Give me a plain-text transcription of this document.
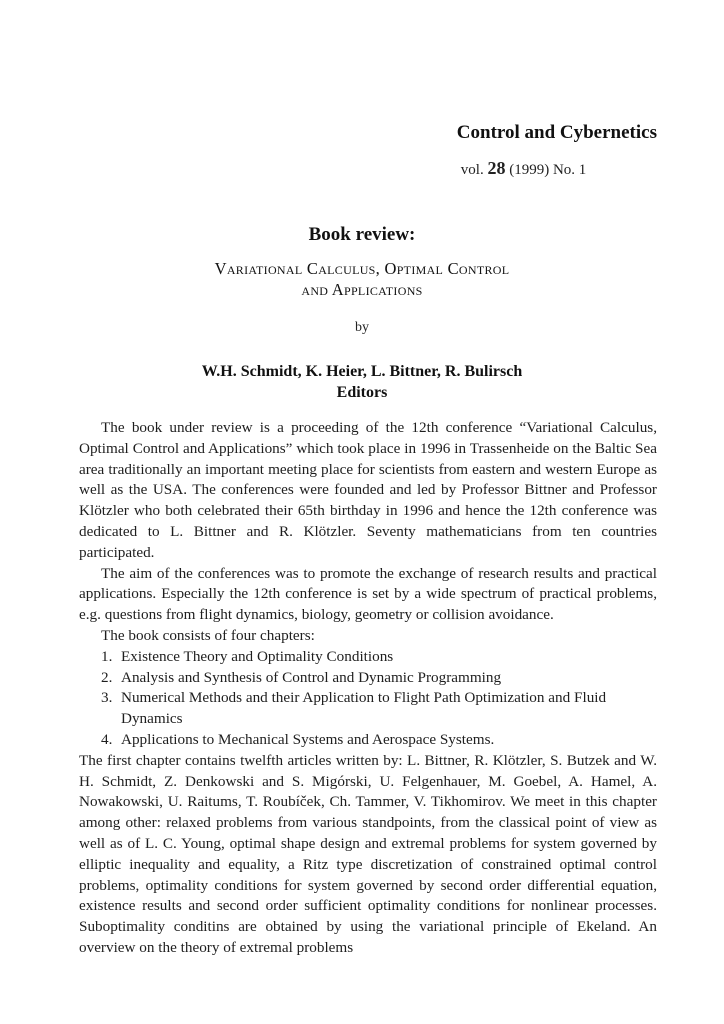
Control and Cybernetics
vol. 28 (1999) No. 1
Book review:
Variational Calculus, Optimal Control
and Applications
by
W.H. Schmidt, K. Heier, L. Bittner, R. Bulirsch
Editors

The book under review is a proceeding of the 12th conference “Variational Calculus, Optimal Control and Applications” which took place in 1996 in Trassenheide on the Baltic Sea area traditionally an important meeting place for scientists from eastern and western Europe as well as the USA. The conferences were founded and led by Professor Bittner and Professor Klötzler who both celebrated their 65th birthday in 1996 and hence the 12th conference was dedicated to L. Bittner and R. Klötzler. Seventy mathematicians from ten countries participated.

The aim of the conferences was to promote the exchange of research results and practical applications. Especially the 12th conference is set by a wide spectrum of practical problems, e.g. questions from flight dynamics, biology, geometry or collision avoidance.

The book consists of four chapters:

1. Existence Theory and Optimality Conditions
2. Analysis and Synthesis of Control and Dynamic Programming
3. Numerical Methods and their Application to Flight Path Optimization and Fluid Dynamics
4. Applications to Mechanical Systems and Aerospace Systems.

The first chapter contains twelfth articles written by: L. Bittner, R. Klötzler, S. Butzek and W. H. Schmidt, Z. Denkowski and S. Migórski, U. Felgenhauer, M. Goebel, A. Hamel, A. Nowakowski, U. Raitums, T. Roubíček, Ch. Tammer, V. Tikhomirov. We meet in this chapter among other: relaxed problems from various standpoints, from the classical point of view as well as of L. C. Young, optimal shape design and extremal problems for system governed by elliptic inequality and equality, a Ritz type discretization of constrained optimal control problems, optimality conditions for system governed by second order differential equation, existence results and second order sufficient optimality conditions for nonlinear processes. Suboptimality conditins are obtained by using the variational principle of Ekeland. An overview on the theory of extremal problems
